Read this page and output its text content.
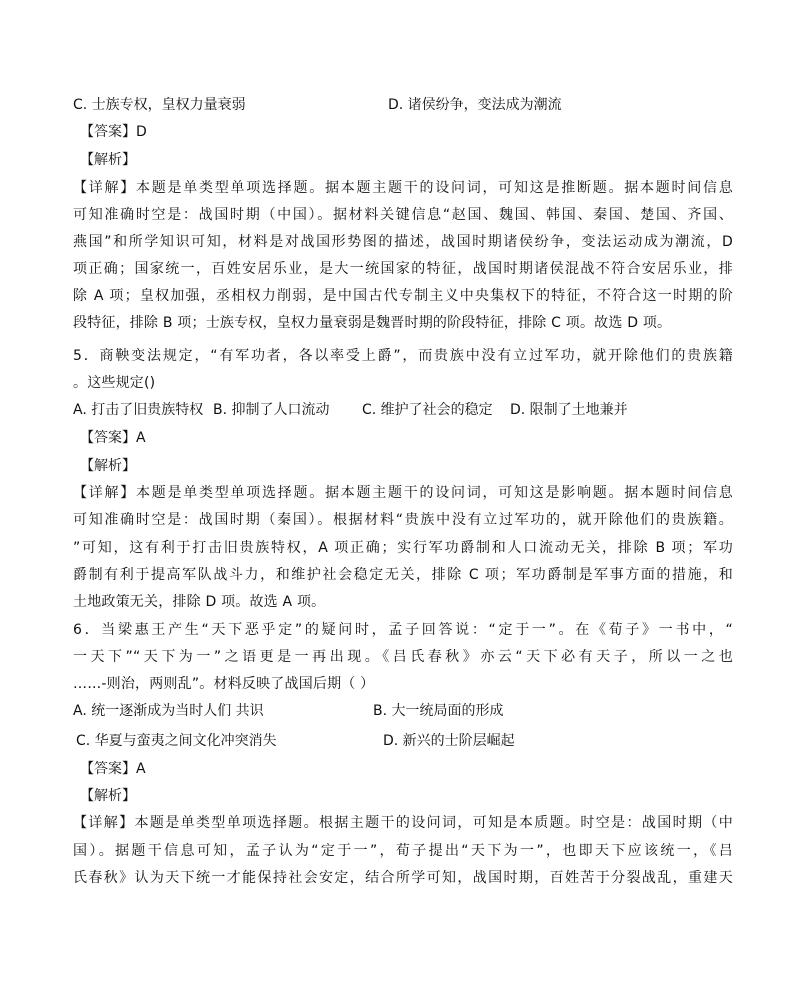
C. 士族专权，皇权力量衰弱	D. 诸侯纷争，变法成为潮流
【答案】D
【解析】
【详解】本题是单类型单项选择题。据本题主题干的设问词，可知这是推断题。据本题时间信息
可知准确时空是：战国时期（中国）。据材料关键信息“赵国、魏国、韩国、秦国、楚国、齐国、
燕国”和所学知识可知，材料是对战国形势图的描述，战国时期诸侯纷争，变法运动成为潮流，D
项正确；国家统一，百姓安居乐业，是大一统国家的特征，战国时期诸侯混战不符合安居乐业，排
除 A 项；皇权加强，丞相权力削弱，是中国古代专制主义中央集权下的特征，不符合这一时期的阶
段特征，排除 B 项；士族专权，皇权力量衰弱是魏晋时期的阶段特征，排除 C 项。故选 D 项。
5．商鞅变法规定，“有军功者，各以率受上爵”，而贵族中没有立过军功，就开除他们的贵族籍
。这些规定()
A. 打击了旧贵族特权 B. 抑制了人口流动 C. 维护了社会的稳定 D. 限制了土地兼并
【答案】A
【解析】
【详解】本题是单类型单项选择题。据本题主题干的设问词，可知这是影响题。据本题时间信息
可知准确时空是：战国时期（秦国）。根据材料“贵族中没有立过军功的，就开除他们的贵族籍。
”可知，这有利于打击旧贵族特权，A 项正确；实行军功爵制和人口流动无关，排除 B 项；军功
爵制有利于提高军队战斗力，和维护社会稳定无关，排除 C 项；军功爵制是军事方面的措施，和
土地政策无关，排除 D 项。故选 A 项。
6．当梁惠王产生“天下恶乎定”的疑问时，孟子回答说：“定于一”。在《荀子》一书中，“
一天下”“天下为一”之语更是一再出现。《吕氏春秋》亦云“天下必有天子，所以一之也
……-则治，两则乱”。材料反映了战国后期（ ）
A. 统一逐渐成为当时人们 共识	B. 大一统局面的形成
C. 华夏与蛮夷之间文化冲突消失	D. 新兴的士阶层崛起
【答案】A
【解析】
【详解】本题是单类型单项选择题。根据主题干的设问词，可知是本质题。时空是：战国时期（中
国）。据题干信息可知，孟子认为“定于一”，荀子提出“天下为一”，也即天下应该统一，《吕
氏春秋》认为天下统一才能保持社会安定，结合所学可知，战国时期，百姓苦于分裂战乱，重建天
